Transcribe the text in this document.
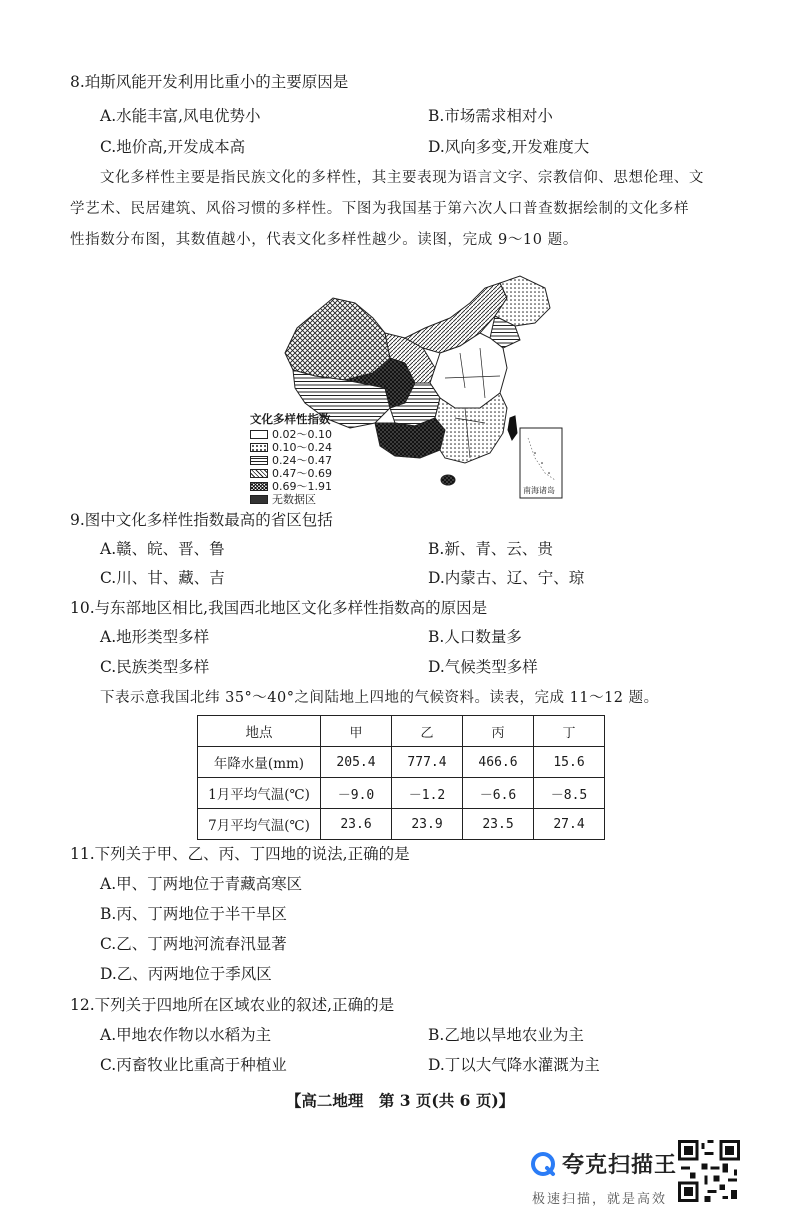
8.珀斯风能开发利用比重小的主要原因是
A.水能丰富,风电优势小	B.市场需求相对小
C.地价高,开发成本高	D.风向多变,开发难度大
文化多样性主要是指民族文化的多样性，其主要表现为语言文字、宗教信仰、思想伦理、文
学艺术、民居建筑、风俗习惯的多样性。下图为我国基于第六次人口普查数据绘制的文化多样
性指数分布图，其数值越小，代表文化多样性越少。读图，完成 9～10 题。
南海诸岛
文化多样性指数
0.02～0.10
0.10～0.24
0.24～0.47
0.47～0.69
0.69～1.91
无数据区
9.图中文化多样性指数最高的省区包括
A.赣、皖、晋、鲁	B.新、青、云、贵
C.川、甘、藏、吉	D.内蒙古、辽、宁、琼
10.与东部地区相比,我国西北地区文化多样性指数高的原因是
A.地形类型多样	B.人口数量多
C.民族类型多样	D.气候类型多样
下表示意我国北纬 35°～40°之间陆地上四地的气候资料。读表，完成 11～12 题。
地点	甲	乙	丙	丁
年降水量(mm)	205.4	777.4	466.6	15.6
1月平均气温(℃)	－9.0	－1.2	－6.6	－8.5
7月平均气温(℃)	23.6	23.9	23.5	27.4
11.下列关于甲、乙、丙、丁四地的说法,正确的是
A.甲、丁两地位于青藏高寒区
B.丙、丁两地位于半干旱区
C.乙、丁两地河流春汛显著
D.乙、丙两地位于季风区
12.下列关于四地所在区域农业的叙述,正确的是
A.甲地农作物以水稻为主	B.乙地以旱地农业为主
C.丙畜牧业比重高于种植业	D.丁以大气降水灌溉为主
【高二地理　第 3 页(共 6 页)】
夸克扫描王
极速扫描，就是高效
